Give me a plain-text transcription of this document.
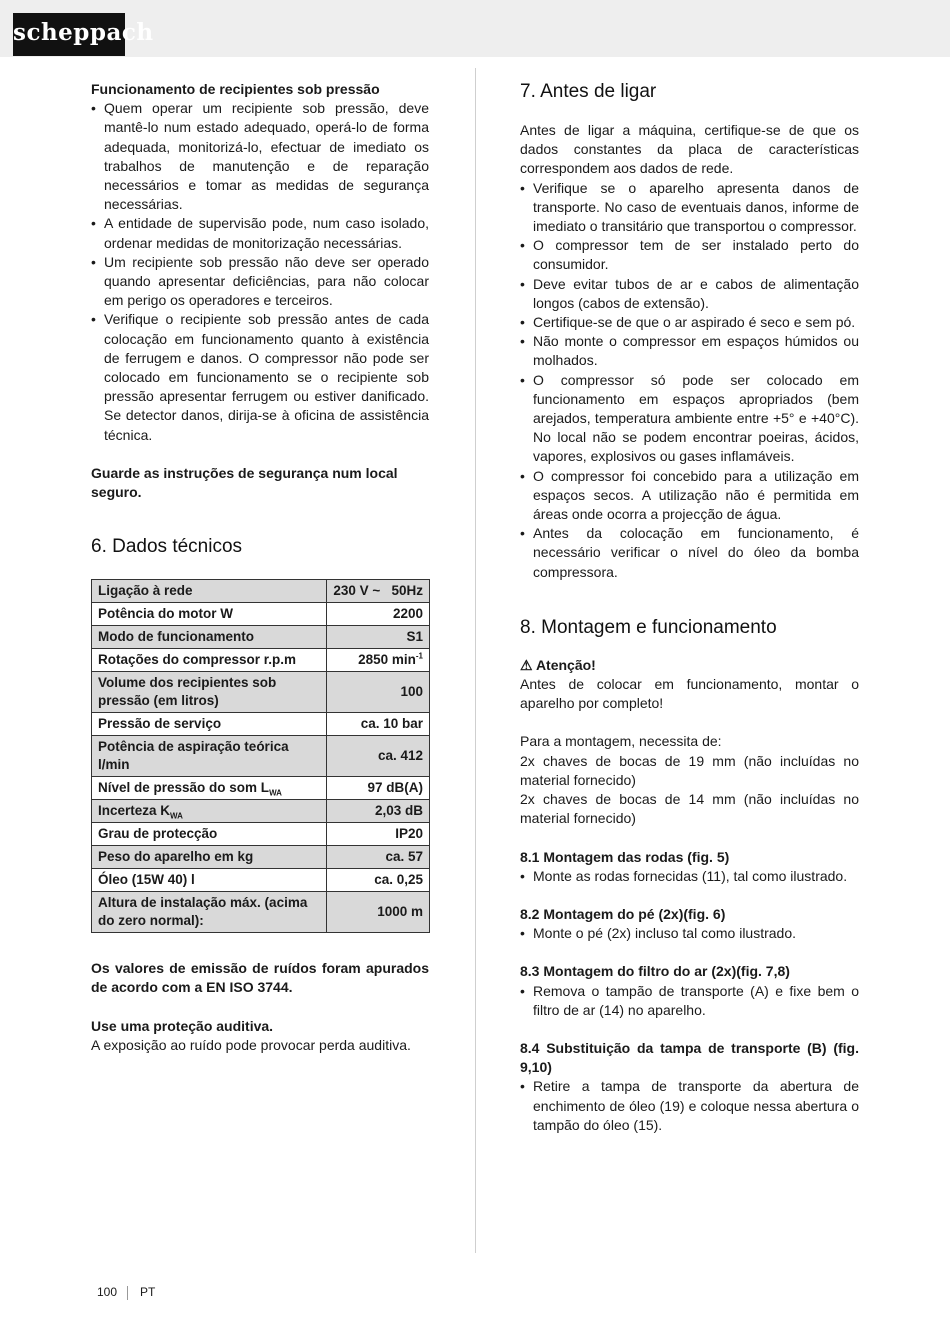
scheppach
Funcionamento de recipientes sob pressão
• Quem operar um recipiente sob pressão, deve mantê-lo num estado adequado, operá-lo de forma adequada, monitorizá-lo, efectuar de imediato os trabalhos de manutenção e de reparação necessários e tomar as medidas de segurança necessárias.
• A entidade de supervisão pode, num caso isolado, ordenar medidas de monitorização necessárias.
• Um recipiente sob pressão não deve ser operado quando apresentar deficiências, para não colocar em perigo os operadores e terceiros.
• Verifique o recipiente sob pressão antes de cada colocação em funcionamento quanto à existência de ferrugem e danos. O compressor não pode ser colocado em funcionamento se o recipiente sob pressão apresentar ferrugem ou estiver danificado. Se detector danos, dirija-se à oficina de assistência técnica.
Guarde as instruções de segurança num local seguro.
6. Dados técnicos
Ligação à rede	230 V ~   50Hz
Potência do motor W	2200
Modo de funcionamento	S1
Rotações do compressor r.p.m	2850 $\min^{-1}$
Volume dos recipientes sob pressão (em litros)	100
Pressão de serviço	ca. 10 bar
Potência de aspiração teórica l/min	ca. 412
Nível de pressão do som $L_{WA}$	97 dB(A)
Incerteza $K_{WA}$	2,03 dB
Grau de protecção	IP20
Peso do aparelho em kg	ca. 57
Óleo (15W 40) l	ca. 0,25
Altura de instalação máx. (acima do zero normal):	1000 m
Os valores de emissão de ruídos foram apurados de acordo com a EN ISO 3744.
Use uma proteção auditiva.
A exposição ao ruído pode provocar perda auditiva.
7. Antes de ligar
Antes de ligar a máquina, certifique-se de que os dados constantes da placa de características correspondem aos dados de rede.
• Verifique se o aparelho apresenta danos de transporte. No caso de eventuais danos, informe de imediato o transitário que transportou o compressor.
• O compressor tem de ser instalado perto do consumidor.
• Deve evitar tubos de ar e cabos de alimentação longos (cabos de extensão).
• Certifique-se de que o ar aspirado é seco e sem pó.
• Não monte o compressor em espaços húmidos ou molhados.
• O compressor só pode ser colocado em funcionamento em espaços apropriados (bem arejados, temperatura ambiente entre +5° e +40°C). No local não se podem encontrar poeiras, ácidos, vapores, explosivos ou gases inflamáveis.
• O compressor foi concebido para a utilização em espaços secos. A utilização não é permitida em áreas onde ocorra a projecção de água.
• Antes da colocação em funcionamento, é necessário verificar o nível do óleo da bomba compressora.
8. Montagem e funcionamento
⚠ Atenção!
Antes de colocar em funcionamento, montar o aparelho por completo!
Para a montagem, necessita de:
2x chaves de bocas de 19 mm (não incluídas no material fornecido)
2x chaves de bocas de 14 mm (não incluídas no material fornecido)
8.1 Montagem das rodas (fig. 5)
• Monte as rodas fornecidas (11), tal como ilustrado.
8.2 Montagem do pé (2x)(fig. 6)
• Monte o pé (2x) incluso tal como ilustrado.
8.3 Montagem do filtro do ar (2x)(fig. 7,8)
• Remova o tampão de transporte (A) e fixe bem o filtro de ar (14) no aparelho.
8.4 Substituição da tampa de transporte (B) (fig. 9,10)
• Retire a tampa de transporte da abertura de enchimento de óleo (19) e coloque nessa abertura o tampão do óleo (15).
100 PT
